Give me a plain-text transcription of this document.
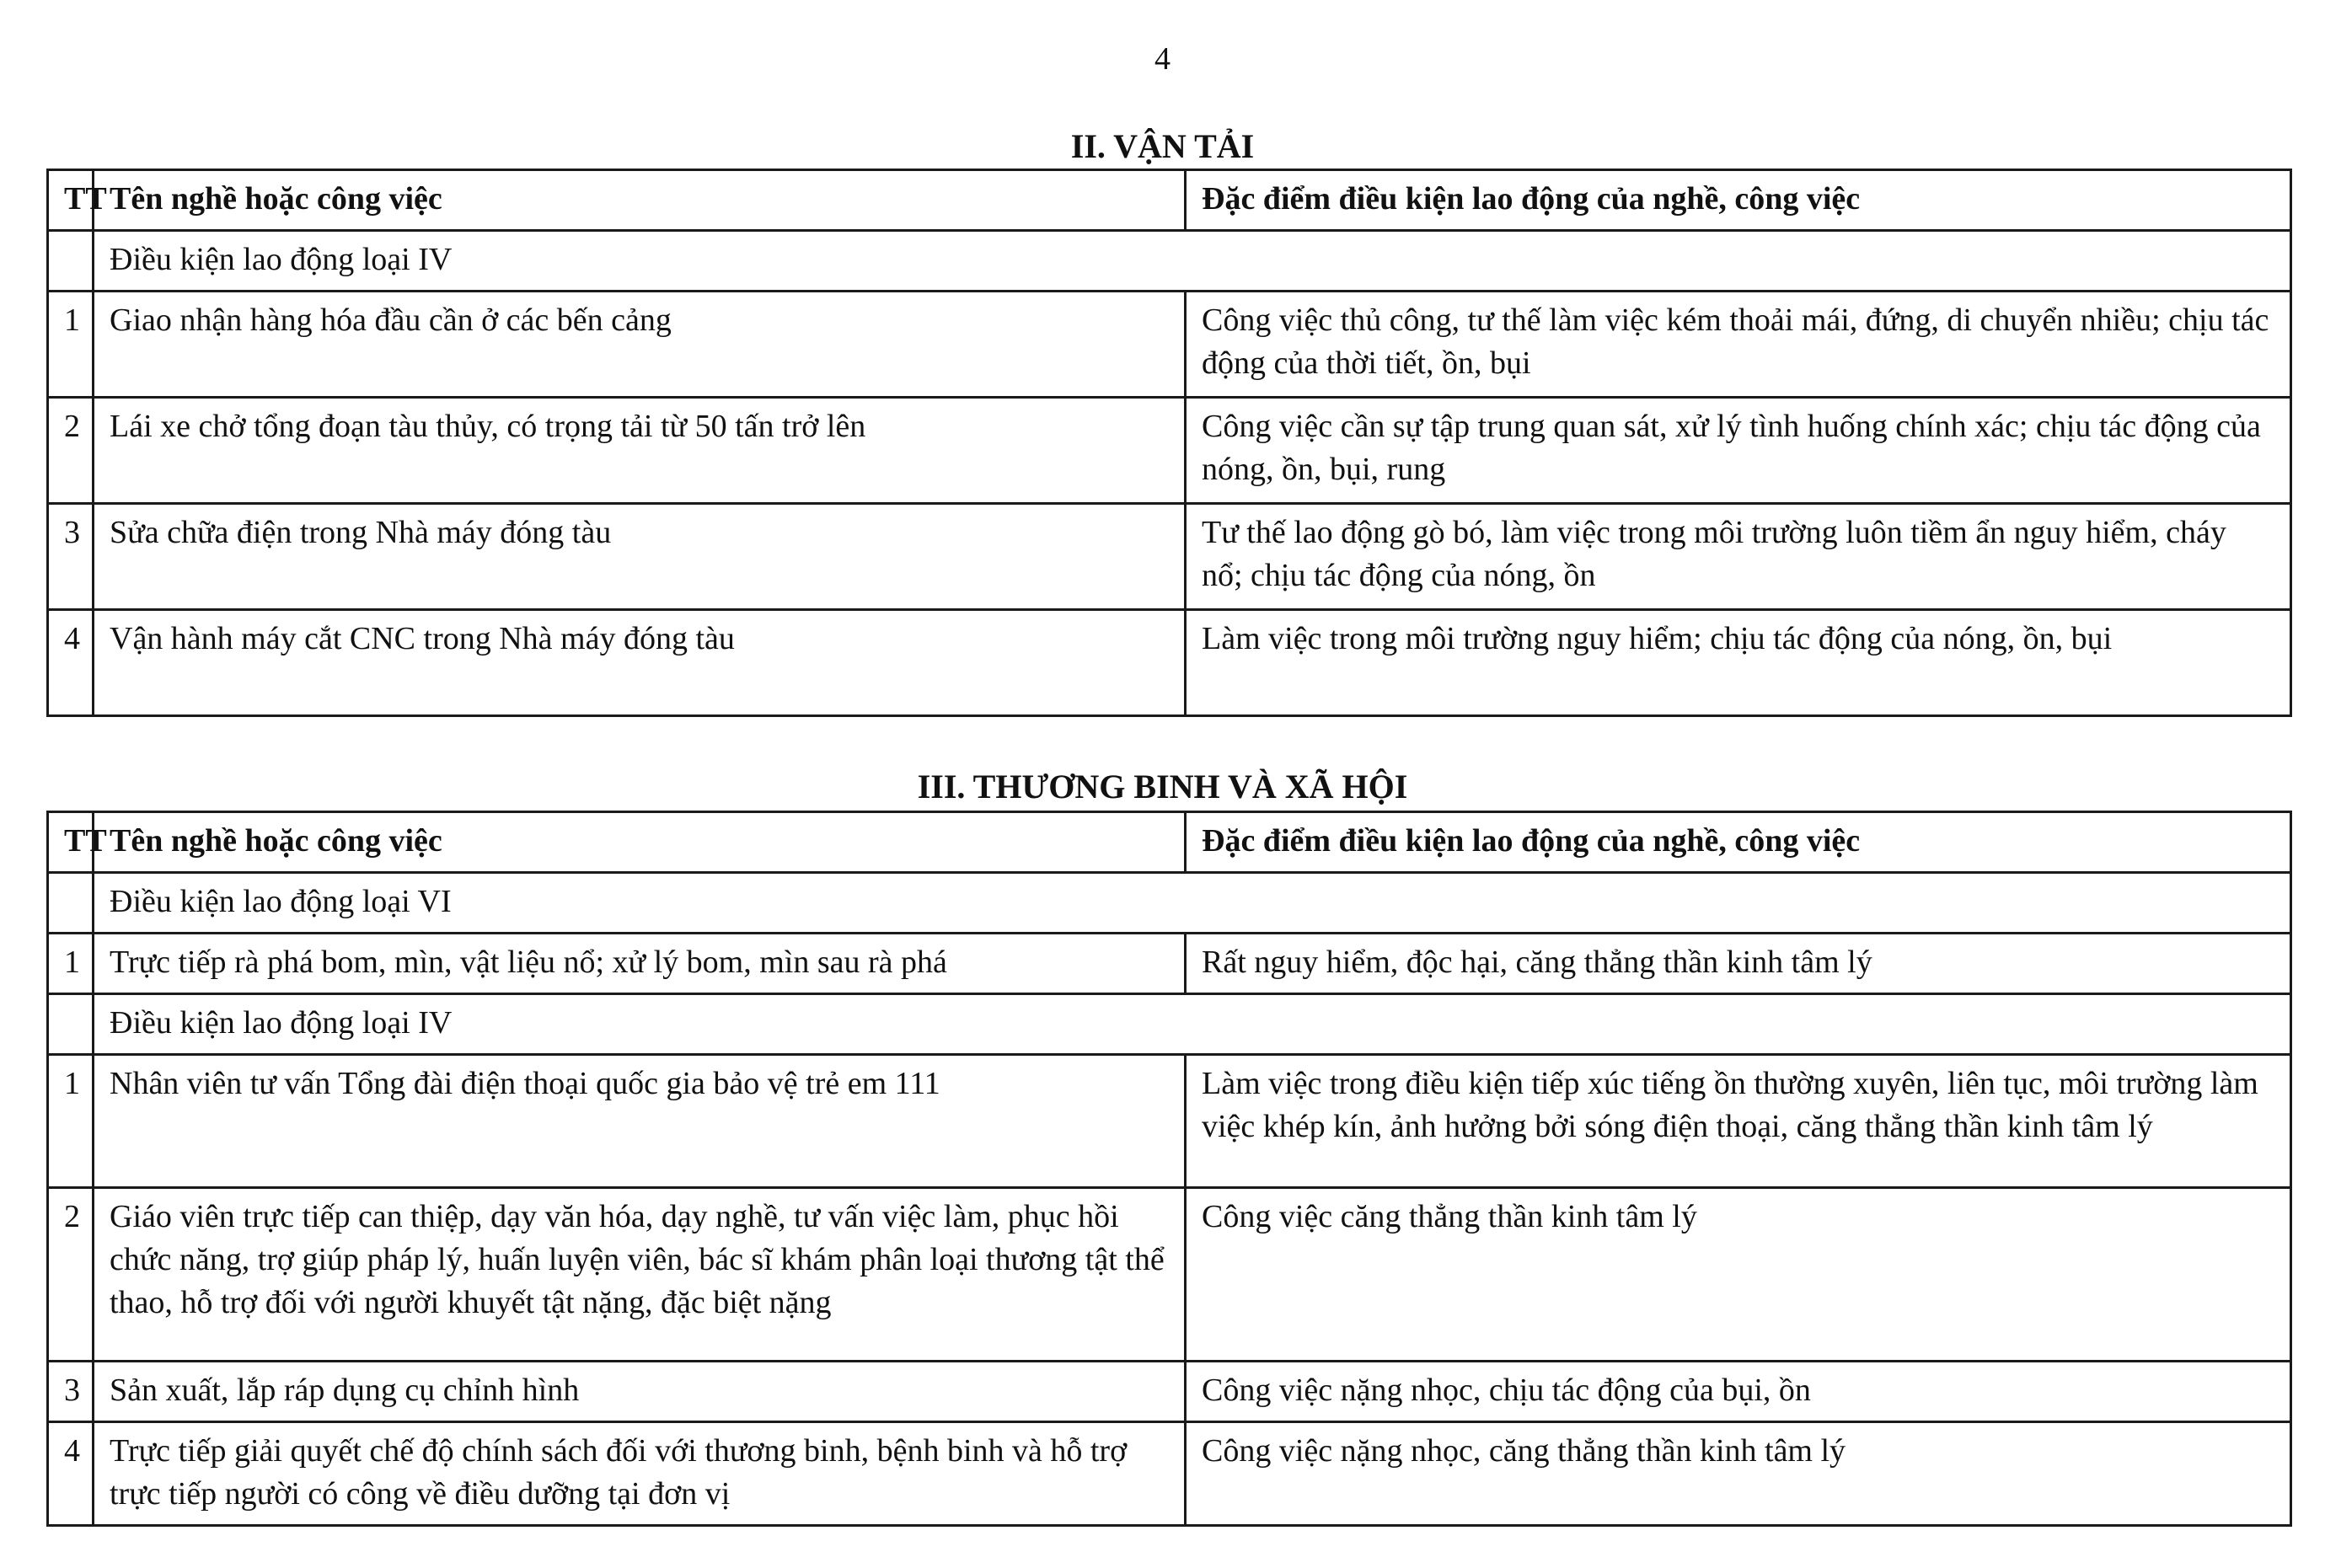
4
II. VẬN TẢI
TT	Tên nghề hoặc công việc	Đặc điểm điều kiện lao động của nghề, công việc
	Điều kiện lao động loại IV	
1	Giao nhận hàng hóa đầu cần ở các bến cảng	Công việc thủ công, tư thế làm việc kém thoải mái, đứng, di chuyển nhiều; chịu tác động của thời tiết, ồn, bụi
2	Lái xe chở tổng đoạn tàu thủy, có trọng tải từ 50 tấn trở lên	Công việc cần sự tập trung quan sát, xử lý tình huống chính xác; chịu tác động của nóng, ồn, bụi, rung
3	Sửa chữa điện trong Nhà máy đóng tàu	Tư thế lao động gò bó, làm việc trong môi trường luôn tiềm ẩn nguy hiểm, cháy nổ; chịu tác động của nóng, ồn
4	Vận hành máy cắt CNC trong Nhà máy đóng tàu	Làm việc trong môi trường nguy hiểm; chịu tác động của nóng, ồn, bụi
III. THƯƠNG BINH VÀ XÃ HỘI
TT	Tên nghề hoặc công việc	Đặc điểm điều kiện lao động của nghề, công việc
	Điều kiện lao động loại VI	
1	Trực tiếp rà phá bom, mìn, vật liệu nổ; xử lý bom, mìn sau rà phá	Rất nguy hiểm, độc hại, căng thẳng thần kinh tâm lý
	Điều kiện lao động loại IV	
1	Nhân viên tư vấn Tổng đài điện thoại quốc gia bảo vệ trẻ em 111	Làm việc trong điều kiện tiếp xúc tiếng ồn thường xuyên, liên tục, môi trường làm việc khép kín, ảnh hưởng bởi sóng điện thoại, căng thẳng thần kinh tâm lý
2	Giáo viên trực tiếp can thiệp, dạy văn hóa, dạy nghề, tư vấn việc làm, phục hồi chức năng, trợ giúp pháp lý, huấn luyện viên, bác sĩ khám phân loại thương tật thể thao, hỗ trợ đối với người khuyết tật nặng, đặc biệt nặng	Công việc căng thẳng thần kinh tâm lý
3	Sản xuất, lắp ráp dụng cụ chỉnh hình	Công việc nặng nhọc, chịu tác động của bụi, ồn
4	Trực tiếp giải quyết chế độ chính sách đối với thương binh, bệnh binh và hỗ trợ trực tiếp người có công về điều dưỡng tại đơn vị	Công việc nặng nhọc, căng thẳng thần kinh tâm lý
